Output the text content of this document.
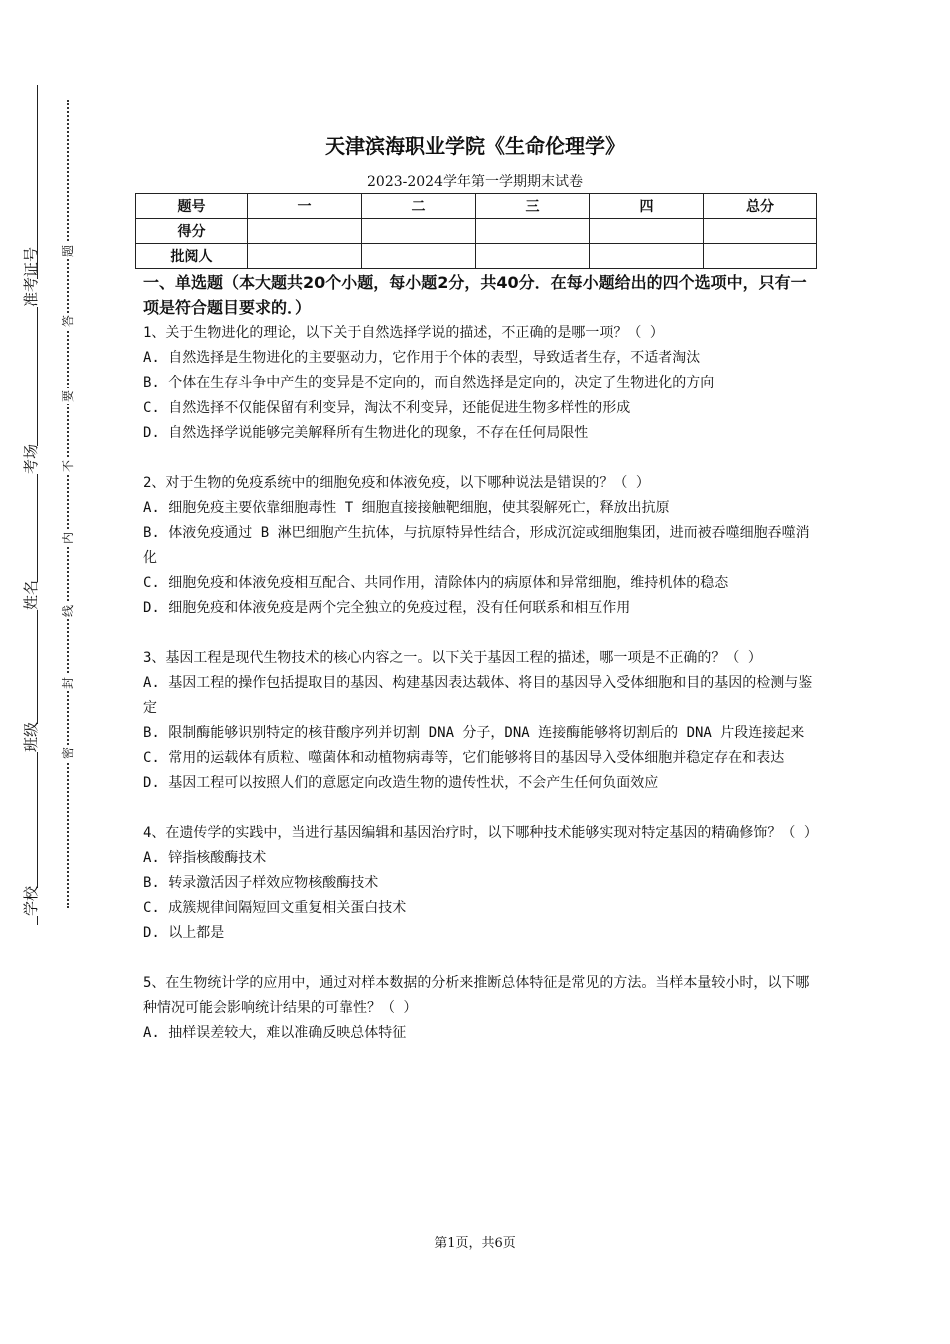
学校
班级
姓名
考场
准考证号 题
答
要
不
内
线
封
密
天津滨海职业学院《生命伦理学》
2023-2024学年第一学期期末试卷
题号	一	二	三	四	总分
得分					
批阅人					
一、单选题（本大题共20个小题，每小题2分，共40分．在每小题给出的四个选项中，只有一项是符合题目要求的．）

1、关于生物进化的理论，以下关于自然选择学说的描述，不正确的是哪一项？（ ）

A. 自然选择是生物进化的主要驱动力，它作用于个体的表型，导致适者生存，不适者淘汰

B. 个体在生存斗争中产生的变异是不定向的，而自然选择是定向的，决定了生物进化的方向

C. 自然选择不仅能保留有利变异，淘汰不利变异，还能促进生物多样性的形成

D. 自然选择学说能够完美解释所有生物进化的现象，不存在任何局限性

2、对于生物的免疫系统中的细胞免疫和体液免疫，以下哪种说法是错误的？（ ）

A. 细胞免疫主要依靠细胞毒性 T 细胞直接接触靶细胞，使其裂解死亡，释放出抗原

B. 体液免疫通过 B 淋巴细胞产生抗体，与抗原特异性结合，形成沉淀或细胞集团，进而被吞噬细胞吞噬消化

C. 细胞免疫和体液免疫相互配合、共同作用，清除体内的病原体和异常细胞，维持机体的稳态

D. 细胞免疫和体液免疫是两个完全独立的免疫过程，没有任何联系和相互作用

3、基因工程是现代生物技术的核心内容之一。以下关于基因工程的描述，哪一项是不正确的？（ ）

A. 基因工程的操作包括提取目的基因、构建基因表达载体、将目的基因导入受体细胞和目的基因的检测与鉴定

B. 限制酶能够识别特定的核苷酸序列并切割 DNA 分子，DNA 连接酶能够将切割后的 DNA 片段连接起来

C. 常用的运载体有质粒、噬菌体和动植物病毒等，它们能够将目的基因导入受体细胞并稳定存在和表达

D. 基因工程可以按照人们的意愿定向改造生物的遗传性状，不会产生任何负面效应

4、在遗传学的实践中，当进行基因编辑和基因治疗时，以下哪种技术能够实现对特定基因的精确修饰？（ ）

A. 锌指核酸酶技术

B. 转录激活因子样效应物核酸酶技术

C. 成簇规律间隔短回文重复相关蛋白技术

D. 以上都是

5、在生物统计学的应用中，通过对样本数据的分析来推断总体特征是常见的方法。当样本量较小时，以下哪种情况可能会影响统计结果的可靠性？（ ）

A. 抽样误差较大，难以准确反映总体特征

第1页，共6页
